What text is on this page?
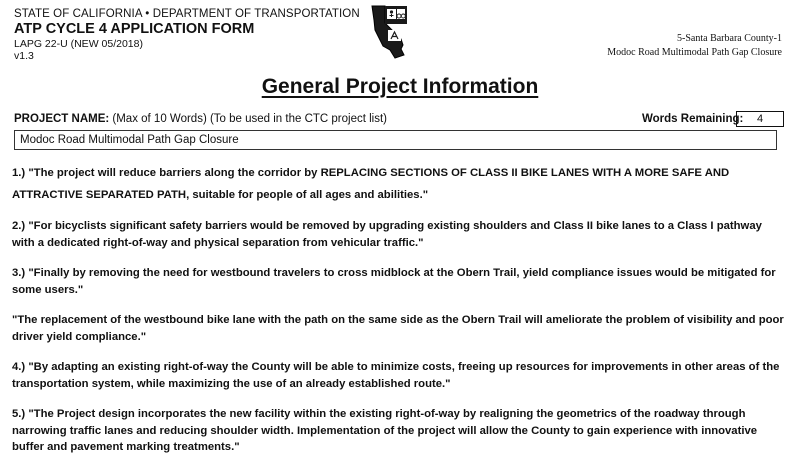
STATE OF CALIFORNIA • DEPARTMENT OF TRANSPORTATION
ATP CYCLE 4 APPLICATION FORM
LAPG 22-U (NEW 05/2018)
v1.3
5-Santa Barbara County-1
Modoc Road Multimodal Path Gap Closure
General Project Information
PROJECT NAME: (Max of 10 Words) (To be used in the CTC project list)	Words Remaining:	4
Modoc Road Multimodal Path Gap Closure

1.) "The project will reduce barriers along the corridor by REPLACING SECTIONS OF CLASS II BIKE LANES WITH A MORE SAFE AND ATTRACTIVE SEPARATED PATH, suitable for people of all ages and abilities."

2.) "For bicyclists significant safety barriers would be removed by upgrading existing shoulders and Class II bike lanes to a Class I pathway with a dedicated right-of-way and physical separation from vehicular traffic."

3.) "Finally by removing the need for westbound travelers to cross midblock at the Obern Trail, yield compliance issues would be mitigated for some users."

"The replacement of the westbound bike lane with the path on the same side as the Obern Trail will ameliorate the problem of visibility and poor driver yield compliance."

4.) "By adapting an existing right-of-way the County will be able to minimize costs, freeing up resources for improvements in other areas of the transportation system, while maximizing the use of an already established route."

5.) "The Project design incorporates the new facility within the existing right-of-way by realigning the geometrics of the roadway through narrowing traffic lanes and reducing shoulder width. Implementation of the project will allow the County to gain experience with innovative buffer and pavement marking treatments."
